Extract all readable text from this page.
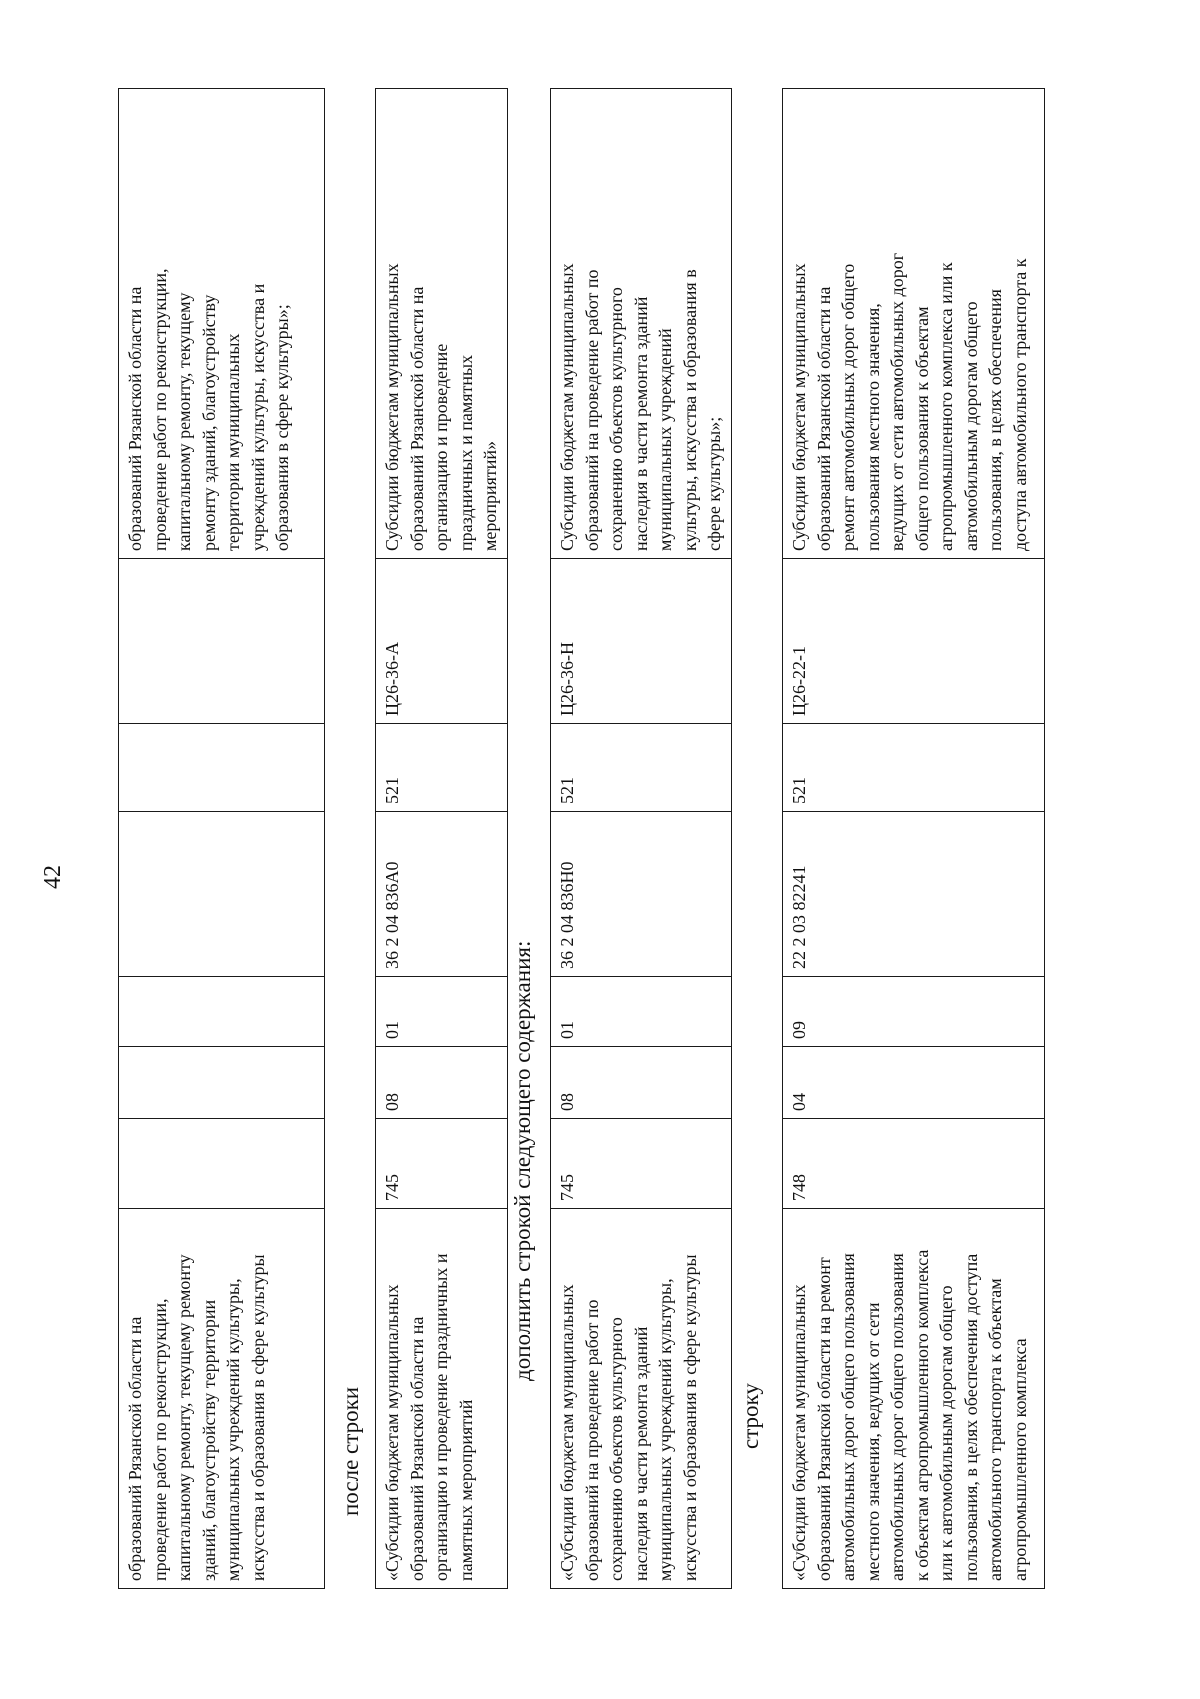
42
образований Рязанской области на
проведение работ по реконструкции,
капитальному ремонту, текущему ремонту
зданий, благоустройству территории
муниципальных учреждений культуры,
искусства и образования в сфере культуры							образований Рязанской области на
проведение работ по реконструкции,
капитальному ремонту, текущему
ремонту зданий, благоустройству
территории муниципальных
учреждений культуры, искусства и
образования в сфере культуры»;
после строки
«Субсидии бюджетам муниципальных
образований Рязанской области на
организацию и проведение праздничных и
памятных мероприятий	745	08	01	36 2 04 836А0	521	Ц26-36-А	Субсидии бюджетам муниципальных
образований Рязанской области на
организацию и проведение
праздничных и памятных
мероприятий»
дополнить строкой следующего содержания:
«Субсидии бюджетам муниципальных
образований на проведение работ по
сохранению объектов культурного
наследия в части ремонта зданий
муниципальных учреждений культуры,
искусства и образования в сфере культуры	745	08	01	36 2 04 836Н0	521	Ц26-36-Н	Субсидии бюджетам муниципальных
образований на проведение работ по
сохранению объектов культурного
наследия в части ремонта зданий
муниципальных учреждений
культуры, искусства и образования в
сфере культуры»;
строку
«Субсидии бюджетам муниципальных
образований Рязанской области на ремонт
автомобильных дорог общего пользования
местного значения, ведущих от сети
автомобильных дорог общего пользования
к объектам агропромышленного комплекса
или к автомобильным дорогам общего
пользования, в целях обеспечения доступа
автомобильного транспорта к объектам
агропромышленного комплекса	748	04	09	22 2 03 82241	521	Ц26-22-1	Субсидии бюджетам муниципальных
образований Рязанской области на
ремонт автомобильных дорог общего
пользования местного значения,
ведущих от сети автомобильных дорог
общего пользования к объектам
агропромышленного комплекса или к
автомобильным дорогам общего
пользования, в целях обеспечения
доступа автомобильного транспорта к
